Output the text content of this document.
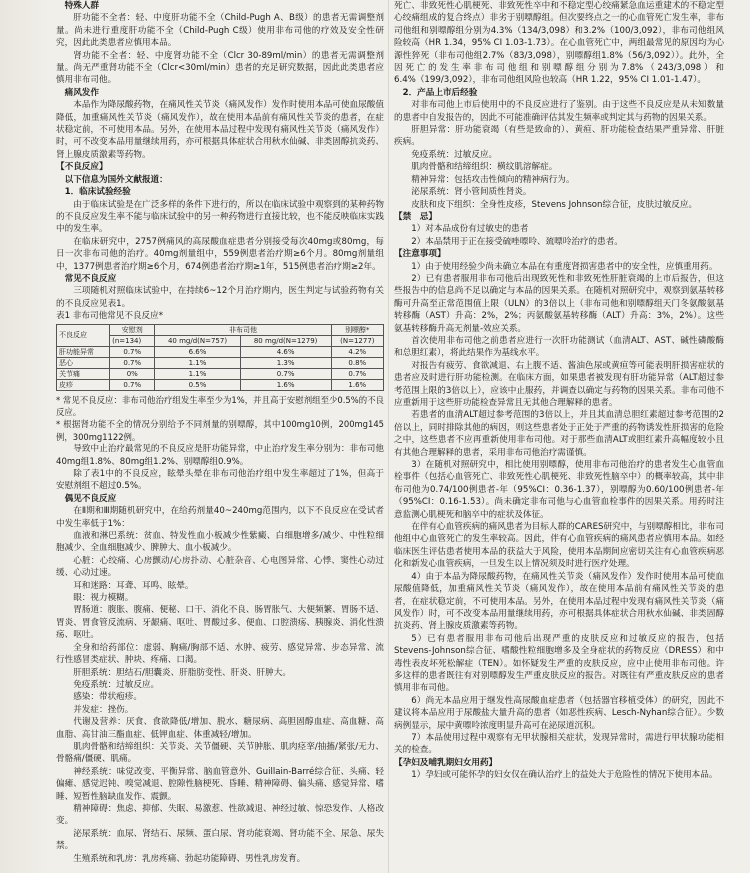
特殊人群

肝功能不全者：轻、中度肝功能不全（Child-Pugh A、B级）的患者无需调整剂量。尚未进行重度肝功能不全（Child-Pugh C级）使用非布司他的疗效及安全性研究，因此此类患者应慎用本品。

肾功能不全者：轻、中度肾功能不全（Clcr 30-89ml/min）的患者无需调整剂量。尚无严重肾功能不全（Clcr<30ml/min）患者的充足研究数据，因此此类患者应慎用非布司他。

痛风发作

本品作为降尿酸药物，在痛风性关节炎（痛风发作）发作时使用本品可使血尿酸值降低，加重痛风性关节炎（痛风发作），故在使用本品前有痛风性关节炎的患者，在症状稳定前，不可使用本品。另外，在使用本品过程中发现有痛风性关节炎（痛风发作）时，可不改变本品用量继续用药，亦可根据具体症状合用秋水仙碱、非类固醇抗炎药、肾上腺皮质激素等药物。

【不良反应】

以下信息为国外文献报道：

1．临床试验经验

由于临床试验是在广泛多样的条件下进行的，所以在临床试验中观察到的某种药物的不良反应发生率不能与临床试验中的另一种药物进行直接比较，也不能反映临床实践中的发生率。

在临床研究中，2757例痛风的高尿酸血症患者分别接受每次40mg或80mg，每日一次非布司他的治疗。40mg剂量组中，559例患者治疗期≥6个月。80mg剂量组中，1377例患者治疗期≥6个月，674例患者治疗期≥1年，515例患者治疗期≥2年。

常见不良反应

三项随机对照临床试验中，在持续6~12个月治疗期内，医生判定与试验药物有关的不良反应见表1。

表1 非布司他常见不良反应*

不良反应	安慰剂	非布司他		别嘌醇*
	(n=134)	40 mg/d(N=757)	80 mg/d(N=1279)	(N=1277)
肝功能异常	0.7%	6.6%	4.6%	4.2%
恶心	0.7%	1.1%	1.3%	0.8%
关节痛	0%	1.1%	0.7%	0.7%
皮疹	0.7%	0.5%	1.6%	1.6%

* 常见不良反应：非布司他治疗组发生率至少为1%，并且高于安慰剂组至少0.5%的不良反应。

* 根据肾功能不全的情况分别给予不同剂量的别嘌醇，其中100mg10例，200mg145例，300mg1122例。

导致中止治疗最常见的不良反应是肝功能异常，中止治疗发生率分别为：非布司他40mg组1.8%、80mg组1.2%、别嘌醇组0.9%。

除了表1中的不良反应，眩晕头晕在非布司他治疗组中发生率超过了1%，但高于安慰剂组不超过0.5%。

偶见不良反应

在Ⅱ期和Ⅲ期随机研究中，在给药剂量40~240mg范围内，以下不良反应在受试者中发生率低于1%：

血液和淋巴系统：贫血、特发性血小板减少性紫癜、白细胞增多/减少、中性粒细胞减少、全血细胞减少、脾肿大、血小板减少。

心脏：心绞痛、心房颤动/心房扑动、心脏杂音、心电图异常、心悸、窦性心动过缓、心动过速。

耳和迷路：耳聋、耳鸣、眩晕。

眼：视力模糊。

胃肠道：腹胀、腹痛、便秘、口干、消化不良、肠胃胀气、大便频繁、胃肠不适、胃炎、胃食管反流病、牙龈痛、呕吐、胃酸过多、便血、口腔溃疡、胰腺炎、消化性溃疡、呕吐。

全身和给药部位：虚弱、胸痛/胸部不适、水肿、疲劳、感觉异常、步态异常、流行性感冒类症状、肿块、疼痛、口渴。

肝胆系统：胆结石/胆囊炎、肝脂肪变性、肝炎、肝肿大。

免疫系统：过敏反应。

感染：带状疱疹。

并发症：挫伤。

代谢及营养：厌食、食欲降低/增加、脱水、糖尿病、高胆固醇血症、高血糖、高血脂、高甘油三酯血症、低钾血症、体重减轻/增加。

肌肉骨骼和结缔组织：关节炎、关节僵硬、关节肿胀、肌肉痉挛/抽搐/紧张/无力、骨骼痛/僵硬、肌痛。

神经系统：味觉改变、平衡异常、脑血管意外、Guillain-Barré综合征、头痛、轻偏瘫、感觉迟钝、嗅觉减退、腔隙性脑梗死、昏睡、精神障碍、偏头痛、感觉异常、嗜睡、短暂性脑缺血发作、震颤。

精神障碍：焦虑、抑郁、失眠、易激惹、性欲减退、神经过敏、惊恐发作、人格改变。

泌尿系统：血尿、肾结石、尿频、蛋白尿、肾功能衰竭、肾功能不全、尿急、尿失禁。

生殖系统和乳房：乳房疼痛、勃起功能障碍、男性乳房发育。

死亡、非致死性心肌梗死、非致死性卒中和不稳定型心绞痛紧急血运重建术的不稳定型心绞痛组成的复合终点）非劣于别嘌醇组。但次要终点之一的心血管死亡发生率，非布司他组和别嘌醇组分别为4.3%（134/3,098）和3.2%（100/3,092），非布司他组风险较高（HR 1.34，95% CI 1.03-1.73）。在心血管死亡中，两组最常见的原因均为心源性猝死（非布司他组2.7%（83/3,098），别嘌醇组1.8%（56/3,092））。此外，全因死亡的发生率非布司他组和别嘌醇组分别为7.8%（243/3,098）和6.4%（199/3,092），非布司他组风险也较高（HR 1.22，95% CI 1.01-1.47）。

2．产品上市后经验

对非布司他上市后使用中的不良反应进行了鉴别。由于这些不良反应是从未知数量的患者中自发报告的，因此不可能准确评估其发生频率或判定其与药物的因果关系。

肝胆异常：肝功能衰竭（有些是致命的）、黄疸、肝功能检查结果严重异常、肝脏疾病。

免疫系统：过敏反应。

肌肉骨骼和结缔组织：横纹肌溶解症。

精神异常：包括攻击性倾向的精神病行为。

泌尿系统：肾小管间质性肾炎。

皮肤和皮下组织：全身性皮疹，Stevens Johnson综合征，皮肤过敏反应。

【禁　忌】

1）对本品成份有过敏史的患者

2）本品禁用于正在接受硫唑嘌呤、巯嘌呤治疗的患者。

【注意事项】

1）由于使用经验少尚未确立本品在有重度肾损害患者中的安全性，应慎重用药。

2）已有患者服用非布司他后出现致死性和非致死性肝脏衰竭的上市后报告，但这些报告中的信息尚不足以确定与本品的因果关系。在随机对照研究中，观察到氨基转移酶可升高至正常范围值上限（ULN）的3倍以上（非布司他和别嘌醇组天门冬氨酸氨基转移酶（AST）升高：2%，2%；丙氨酸氨基转移酶（ALT）升高：3%，2%）。这些氨基转移酶升高无剂量-效应关系。

首次使用非布司他之前患者应进行一次肝功能测试（血清ALT、AST、碱性磷酸酶和总胆红素），将此结果作为基线水平。

对报告有疲劳、食欲减退、右上腹不适、酱油色尿或黄疸等可能表明肝损害症状的患者应及时进行肝功能检测。在临床方面，如果患者被发现有肝功能异常（ALT超过参考范围上限的3倍以上），应该中止服药，并调查以确定与药物的因果关系。非布司他不应重新用于这些肝功能检查异常且无其他合理解释的患者。

若患者的血清ALT超过参考范围的3倍以上，并且其血清总胆红素超过参考范围的2倍以上，同时排除其他的病因，则这些患者处于正处于严重的药物诱发性肝损害的危险之中，这些患者不应再重新使用非布司他。对于那些血清ALT或胆红素升高幅度较小且有其他合理解释的患者，采用非布司他治疗需谨慎。

3）在随机对照研究中，相比使用别嘌醇，使用非布司他治疗的患者发生心血管血栓事件（包括心血管死亡、非致死性心肌梗死、非致死性脑卒中）的概率较高，其中非布司他为0.74/100例患者-年（95%CI：0.36-1.37），别嘌醇为0.60/100例患者-年（95%CI：0.16-1.53）。尚未确定非布司他与心血管血栓事件的因果关系。用药时注意监测心肌梗死和脑卒中的症状及体征。

在伴有心血管疾病的痛风患者为目标人群的CARES研究中，与别嘌醇相比，非布司他组中心血管死亡的发生率较高。因此，伴有心血管疾病的痛风患者应慎用本品。如经临床医生评估患者使用本品的获益大于风险，使用本品期间应密切关注有心血管疾病恶化和新发心血管疾病，一旦发生以上情况须及时进行医疗处理。

4）由于本品为降尿酸药物，在痛风性关节炎（痛风发作）发作时使用本品可使血尿酸值降低，加重痛风性关节炎（痛风发作），故在使用本品前有痛风性关节炎的患者，在症状稳定前，不可使用本品。另外，在使用本品过程中发现有痛风性关节炎（痛风发作）时，可不改变本品用量继续用药，亦可根据具体症状合用秋水仙碱、非类固醇抗炎药、肾上腺皮质激素等药物。

5）已有患者服用非布司他后出现严重的皮肤反应和过敏反应的报告，包括Stevens-Johnson综合征、嗜酸性粒细胞增多及全身症状的药物反应（DRESS）和中毒性表皮坏死松解症（TEN）。如怀疑发生严重的皮肤反应，应中止使用非布司他。许多这样的患者既往有对别嘌醇发生严重皮肤反应的报告。对既往有严重皮肤反应的患者慎用非布司他。

6）尚无本品应用于继发性高尿酸血症患者（包括器官移植受体）的研究，因此不建议将本品应用于尿酸盐大量升高的患者（如恶性疾病、Lesch-Nyhan综合征）。少数病例显示，尿中黄嘌呤浓度明显升高可在泌尿道沉积。

7）本品使用过程中观察有无甲状腺相关症状，发现异常时，需进行甲状腺功能相关的检查。

【孕妇及哺乳期妇女用药】

1）孕妇或可能怀孕的妇女仅在确认治疗上的益处大于危险性的情况下使用本品。
